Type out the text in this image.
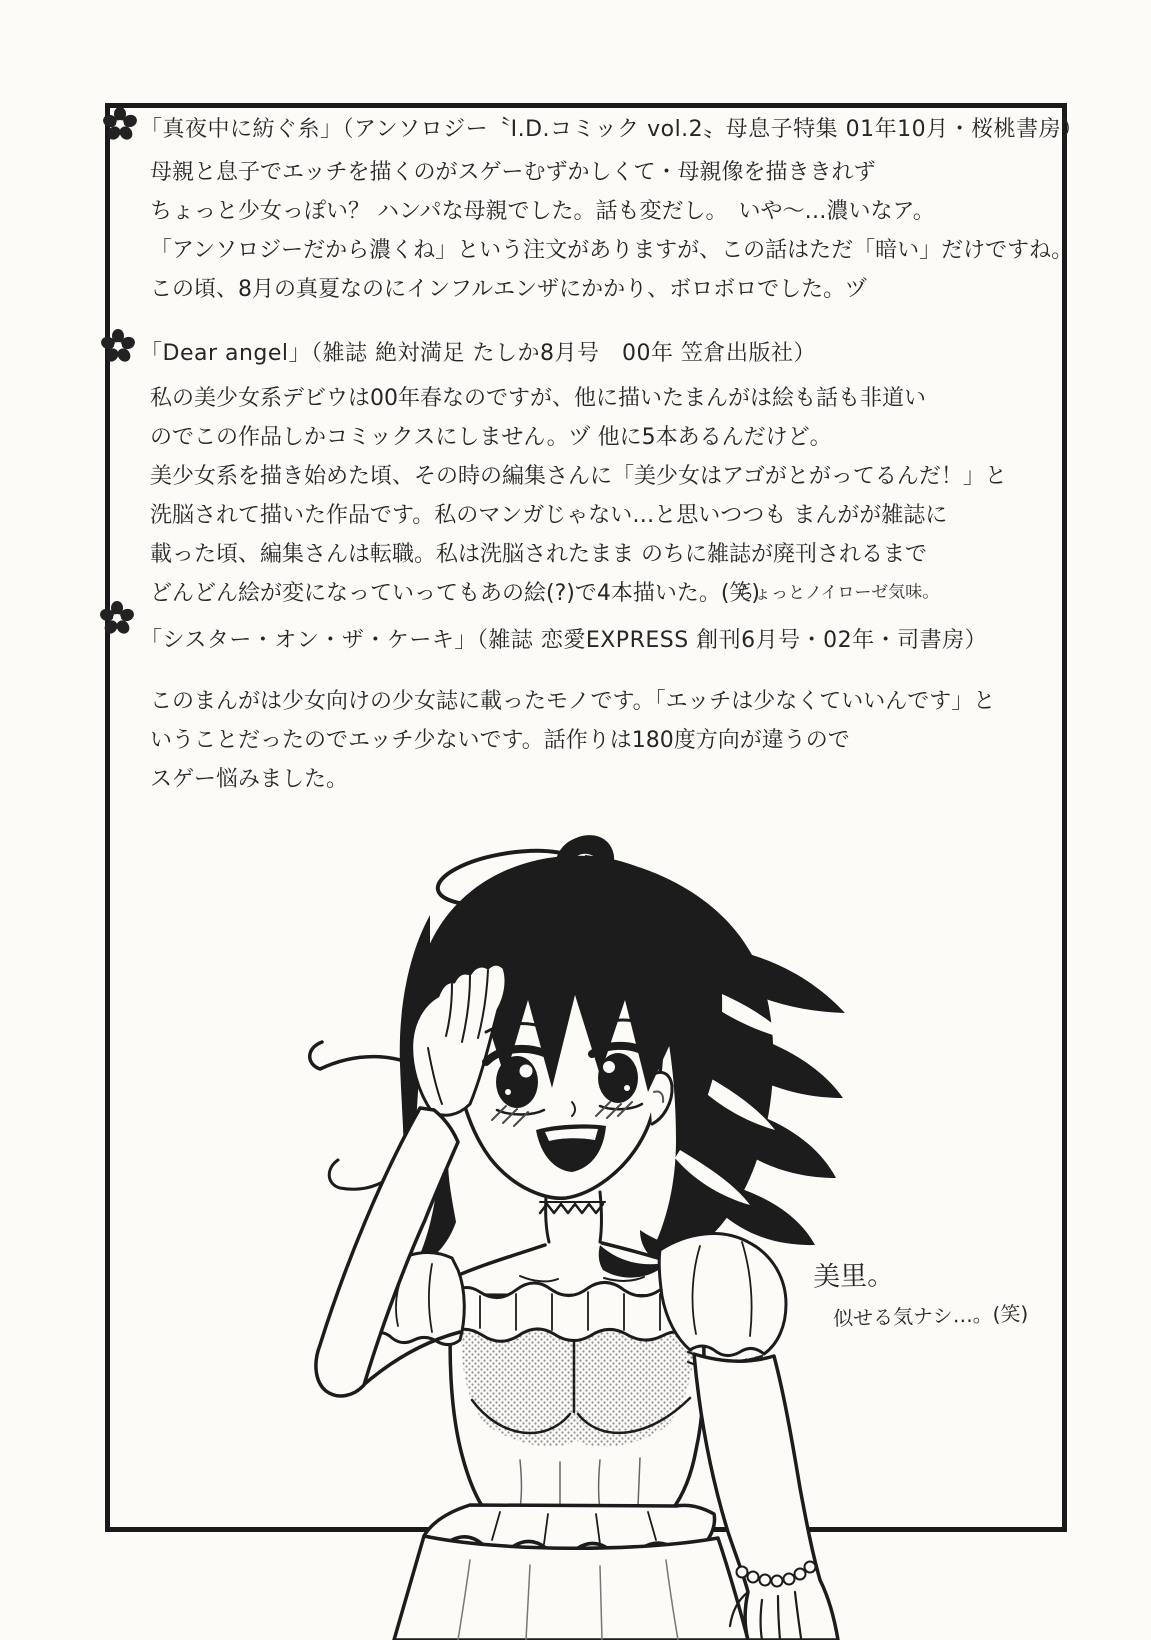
「真夜中に紡ぐ糸」（アンソロジー〝I.D.コミック vol.2〟母息子特集 01年10月・桜桃書房）
母親と息子でエッチを描くのがスゲーむずかしくて・母親像を描ききれず
ちょっと少女っぽい？ ハンパな母親でした。話も変だし。　いや〜…濃いなア。
「アンソロジーだから濃くね」という注文がありますが、この話はただ「暗い」だけですね。
この頃、8月の真夏なのにインフルエンザにかかり、ボロボロでした。ヅ
「Dear angel」（雑誌 絶対満足 たしか8月号　00年 笠倉出版社）
私の美少女系デビウは00年春なのですが、他に描いたまんがは絵も話も非道い
のでこの作品しかコミックスにしません。ヅ 他に5本あるんだけど。
美少女系を描き始めた頃、その時の編集さんに「美少女はアゴがとがってるんだ！」と
洗脳されて描いた作品です。私のマンガじゃない…と思いつつも まんがが雑誌に
載った頃、編集さんは転職。私は洗脳されたまま のちに雑誌が廃刊されるまで
どんどん絵が変になっていってもあの絵(?)で4本描いた。(笑)
ちょっとノイローゼ気味。
「シスター・オン・ザ・ケーキ」（雑誌 恋愛EXPRESS 創刊6月号・02年・司書房）
このまんがは少女向けの少女誌に載ったモノです。「エッチは少なくていいんです」と
いうことだったのでエッチ少ないです。話作りは180度方向が違うので
スゲー悩みました。
美里。
似せる気ナシ…。(笑)
